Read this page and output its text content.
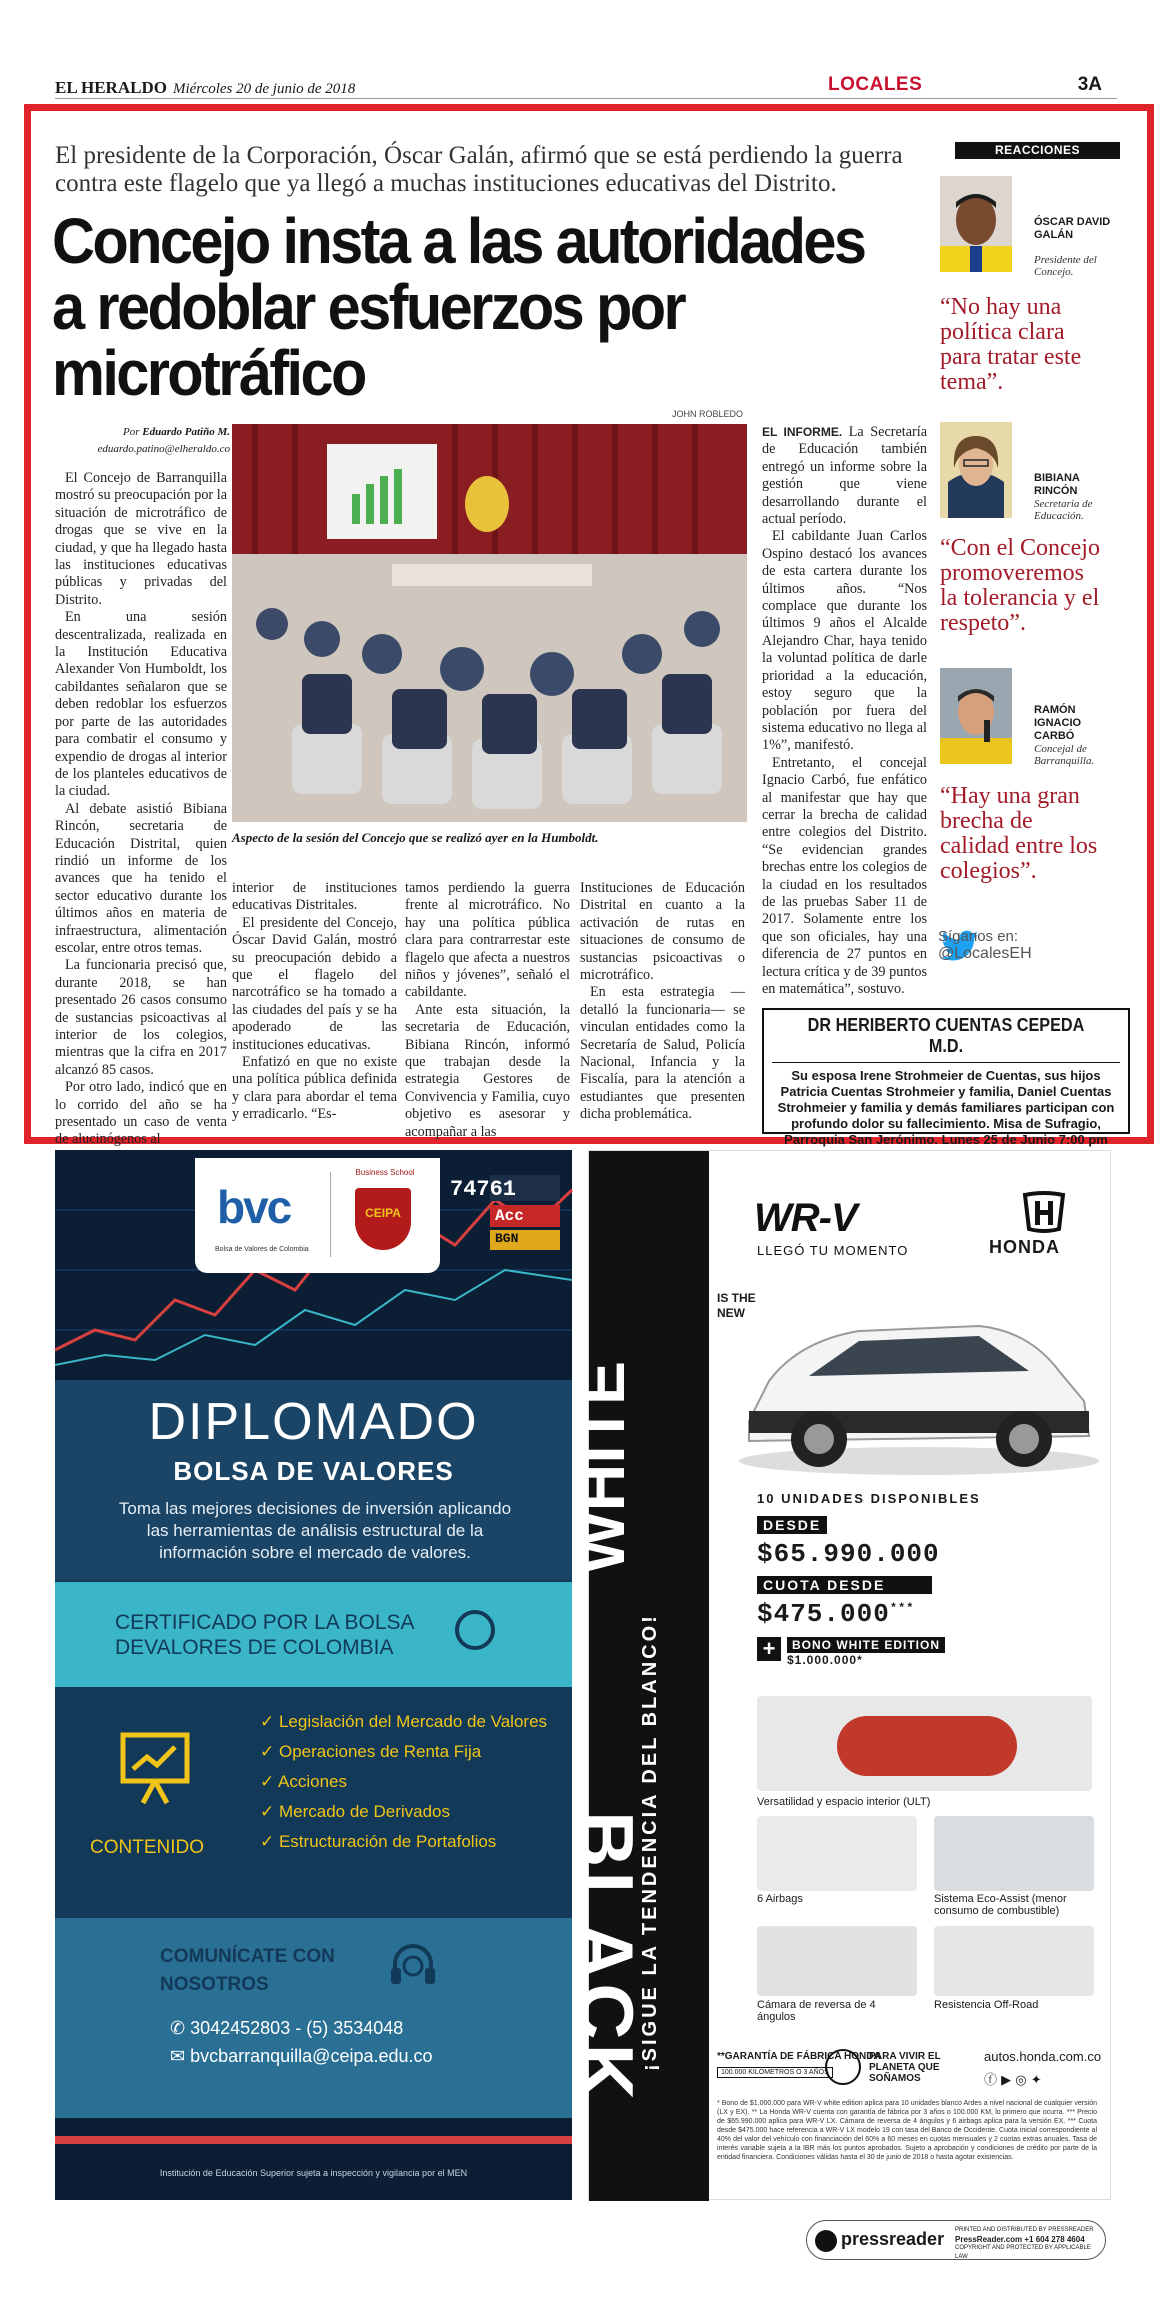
EL HERALDO Miércoles 20 de junio de 2018	LOCALES	3A
El presidente de la Corporación, Óscar Galán, afirmó que se está perdiendo la guerra contra este flagelo que ya llegó a muchas instituciones educativas del Distrito.
Concejo insta a las autoridades a redoblar esfuerzos por microtráfico
REACCIONES
ÓSCAR DAVID GALÁN
Presidente del Concejo.
“No hay una política clara para tratar este tema”.
BIBIANA RINCÓN
Secretaria de Educación.
“Con el Concejo promoveremos la tolerancia y el respeto”.
RAMÓN IGNACIO CARBÓ
Concejal de Barranquilla.
“Hay una gran brecha de calidad entre los colegios”.
Síganos en:
@LocalesEH
Por Eduardo Patiño M.
eduardo.patino@elheraldo.co

El Concejo de Barranquilla mostró su preocupación por la situación de microtráfico de drogas que se vive en la ciudad, y que ha llegado hasta las instituciones educativas públicas y privadas del Distrito.

En una sesión descentralizada, realizada en la Institución Educativa Alexander Von Humboldt, los cabildantes señalaron que se deben redoblar los esfuerzos por parte de las autoridades para combatir el consumo y expendio de drogas al interior de los planteles educativos de la ciudad.

Al debate asistió Bibiana Rincón, secretaria de Educación Distrital, quien rindió un informe de los avances que ha tenido el sector educativo durante los últimos años en materia de infraestructura, alimentación escolar, entre otros temas.

La funcionaria precisó que, durante 2018, se han presentado 26 casos consumo de sustancias psicoactivas al interior de los colegios, mientras que la cifra en 2017 alcanzó 85 casos.

Por otro lado, indicó que en lo corrido del año se ha presentado un caso de venta de alucinógenos al

JOHN ROBLEDO
Aspecto de la sesión del Concejo que se realizó ayer en la Humboldt.

interior de instituciones educativas Distritales.

El presidente del Concejo, Óscar David Galán, mostró su preocupación debido a que el flagelo del narcotráfico se ha tomado a las ciudades del país y se ha apoderado de las instituciones educativas.

Enfatizó en que no existe una política pública definida y clara para abordar el tema y erradicarlo. “Es-

tamos perdiendo la guerra frente al microtráfico. No hay una política pública clara para contrarrestar este flagelo que afecta a nuestros niños y jóvenes”, señaló el cabildante.

Ante esta situación, la secretaria de Educación, Bibiana Rincón, informó que trabajan desde la estrategia Gestores de Convivencia y Familia, cuyo objetivo es asesorar y acompañar a las

Instituciones de Educación Distrital en cuanto a la activación de rutas en situaciones de consumo de sustancias psicoactivas o microtráfico.

En esta estrategia —detalló la funcionaria— se vinculan entidades como la Secretaría de Salud, Policía Nacional, Infancia y la Fiscalía, para la atención a estudiantes que presenten dicha problemática.

EL INFORME. La Secretaría de Educación también entregó un informe sobre la gestión que viene desarrollando durante el actual período.

El cabildante Juan Carlos Ospino destacó los avances de esta cartera durante los últimos años. “Nos complace que durante los últimos 9 años el Alcalde Alejandro Char, haya tenido la voluntad política de darle prioridad a la educación, estoy seguro que la población por fuera del sistema educativo no llega al 1%”, manifestó.

Entretanto, el concejal Ignacio Carbó, fue enfático al manifestar que hay que cerrar la brecha de calidad entre colegios del Distrito. “Se evidencian grandes brechas entre los colegios de la ciudad en los resultados de las pruebas Saber 11 de 2017. Solamente entre los que son oficiales, hay una diferencia de 27 puntos en lectura crítica y de 39 puntos en matemática”, sostuvo.

DR HERIBERTO CUENTAS CEPEDA M.D.
Su esposa Irene Strohmeier de Cuentas, sus hijos Patricia Cuentas Strohmeier y familia, Daniel Cuentas Strohmeier y familia y demás familiares participan con profundo dolor su fallecimiento. Misa de Sufragio, Parroquia San Jerónimo. Lunes 25 de Junio 7:00 pm
74761
Acc
BGN
bvc
Bolsa de Valores de Colombia
Business School
CEIPA
DIPLOMADO
BOLSA DE VALORES
Toma las mejores decisiones de inversión aplicando las herramientas de análisis estructural de la información sobre el mercado de valores.
CERTIFICADO POR LA BOLSA
DEVALORES DE COLOMBIA
CONTENIDO
✓ Legislación del Mercado de Valores
✓ Operaciones de Renta Fija
✓ Acciones
✓ Mercado de Derivados
✓ Estructuración de Portafolios
COMUNÍCATE CON NOSOTROS
✆ 3042452803 - (5) 3534048
✉ bvcbarranquilla@ceipa.edu.co
Institución de Educación Superior sujeta a inspección y vigilancia por el MEN
¡SIGUE LA TENDENCIA DEL BLANCO!
WHITE
BLACK
IS THE NEW
WR-V
LLEGÓ TU MOMENTO	HONDA
10 UNIDADES DISPONIBLES
DESDE
$65.990.000
CUOTA DESDE
$475.000***
+	BONO WHITE EDITION
$1.000.000*
Versatilidad y espacio interior (ULT)
6 Airbags	Sistema Eco-Assist (menor consumo de combustible)
Cámara de reversa de 4 ángulos
Resistencia Off-Road
**GARANTÍA DE FÁBRICA HONDA
100.000 KILÓMETROS O 3 AÑOS
PARA VIVIR EL PLANETA QUE SOÑAMOS
autos.honda.com.co
ⓕ ▶ ◎ ✦
* Bono de $1.000.000 para WR-V white edition aplica para 10 unidades blanco Ardes a nivel nacional de cualquier versión (LX y EX). ** La Honda WR-V cuenta con garantía de fábrica por 3 años o 100.000 KM, lo primero que ocurra. *** Precio de $65.990.000 aplica para WR-V LX. Cámara de reversa de 4 ángulos y 6 airbags aplica para la versión EX. *** Cuota desde $475.000 hace referencia a WR-V LX modelo 19 con tasa del Banco de Occidente. Cuota inicial correspondiente al 40% del valor del vehículo con financiación del 60% a 60 meses en cuotas mensuales y 2 cuotas extras anuales. Tasa de interés variable sujeta a la IBR más los puntos aprobados. Sujeto a aprobación y condiciones de crédito por parte de la entidad financiera. Condiciones válidas hasta el 30 de junio de 2018 o hasta agotar existencias.
pressreader PRINTED AND DISTRIBUTED BY PRESSREADER
PressReader.com +1 604 278 4604
COPYRIGHT AND PROTECTED BY APPLICABLE LAW
